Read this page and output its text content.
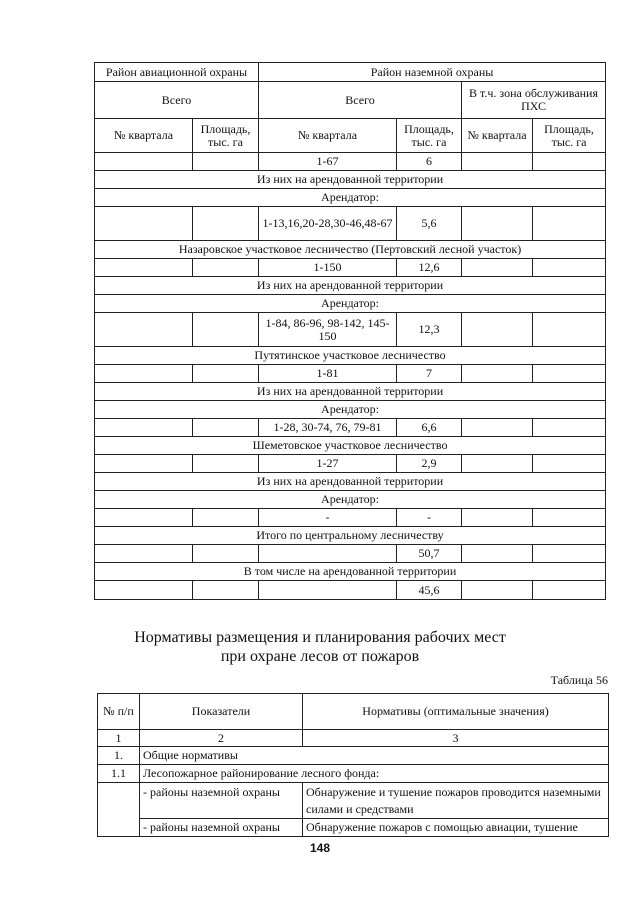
Район авиационной охраны		Район наземной охраны			
Всего		Всего		В т.ч. зона обслуживания ПХС	
№ квартала	Площадь, тыс. га	№ квартала	Площадь, тыс. га	№ квартала	Площадь, тыс. га
		1-67	6		
Из них на арендованной территории					
Арендатор:					
		1-13,16,20-28,30-46,48-67	5,6		
Назаровское участковое лесничество (Пертовский лесной участок)					
		1-150	12,6		
Из них на арендованной территории					
Арендатор:					
		1-84, 86-96, 98-142, 145-150	12,3		
Путятинское участковое лесничество					
		1-81	7		
Из них на арендованной территории					
Арендатор:					
		1-28, 30-74, 76, 79-81	6,6		
Шеметовское участковое лесничество					
		1-27	2,9		
Из них на арендованной территории					
Арендатор:					
		-	-		
Итого по центральному лесничеству					
			50,7		
В том числе на арендованной территории					
			45,6		
Нормативы размещения и планирования рабочих мест
при охране лесов от пожаров
Таблица 56
№ п/п	Показатели	Нормативы (оптимальные значения)
1	2	3
1.	Общие нормативы	
1.1	Лесопожарное районирование лесного фонда:	
	- районы наземной охраны	Обнаружение и тушение пожаров проводится наземными силами и средствами
	- районы наземной охраны	Обнаружение пожаров с помощью авиации, тушение
148
